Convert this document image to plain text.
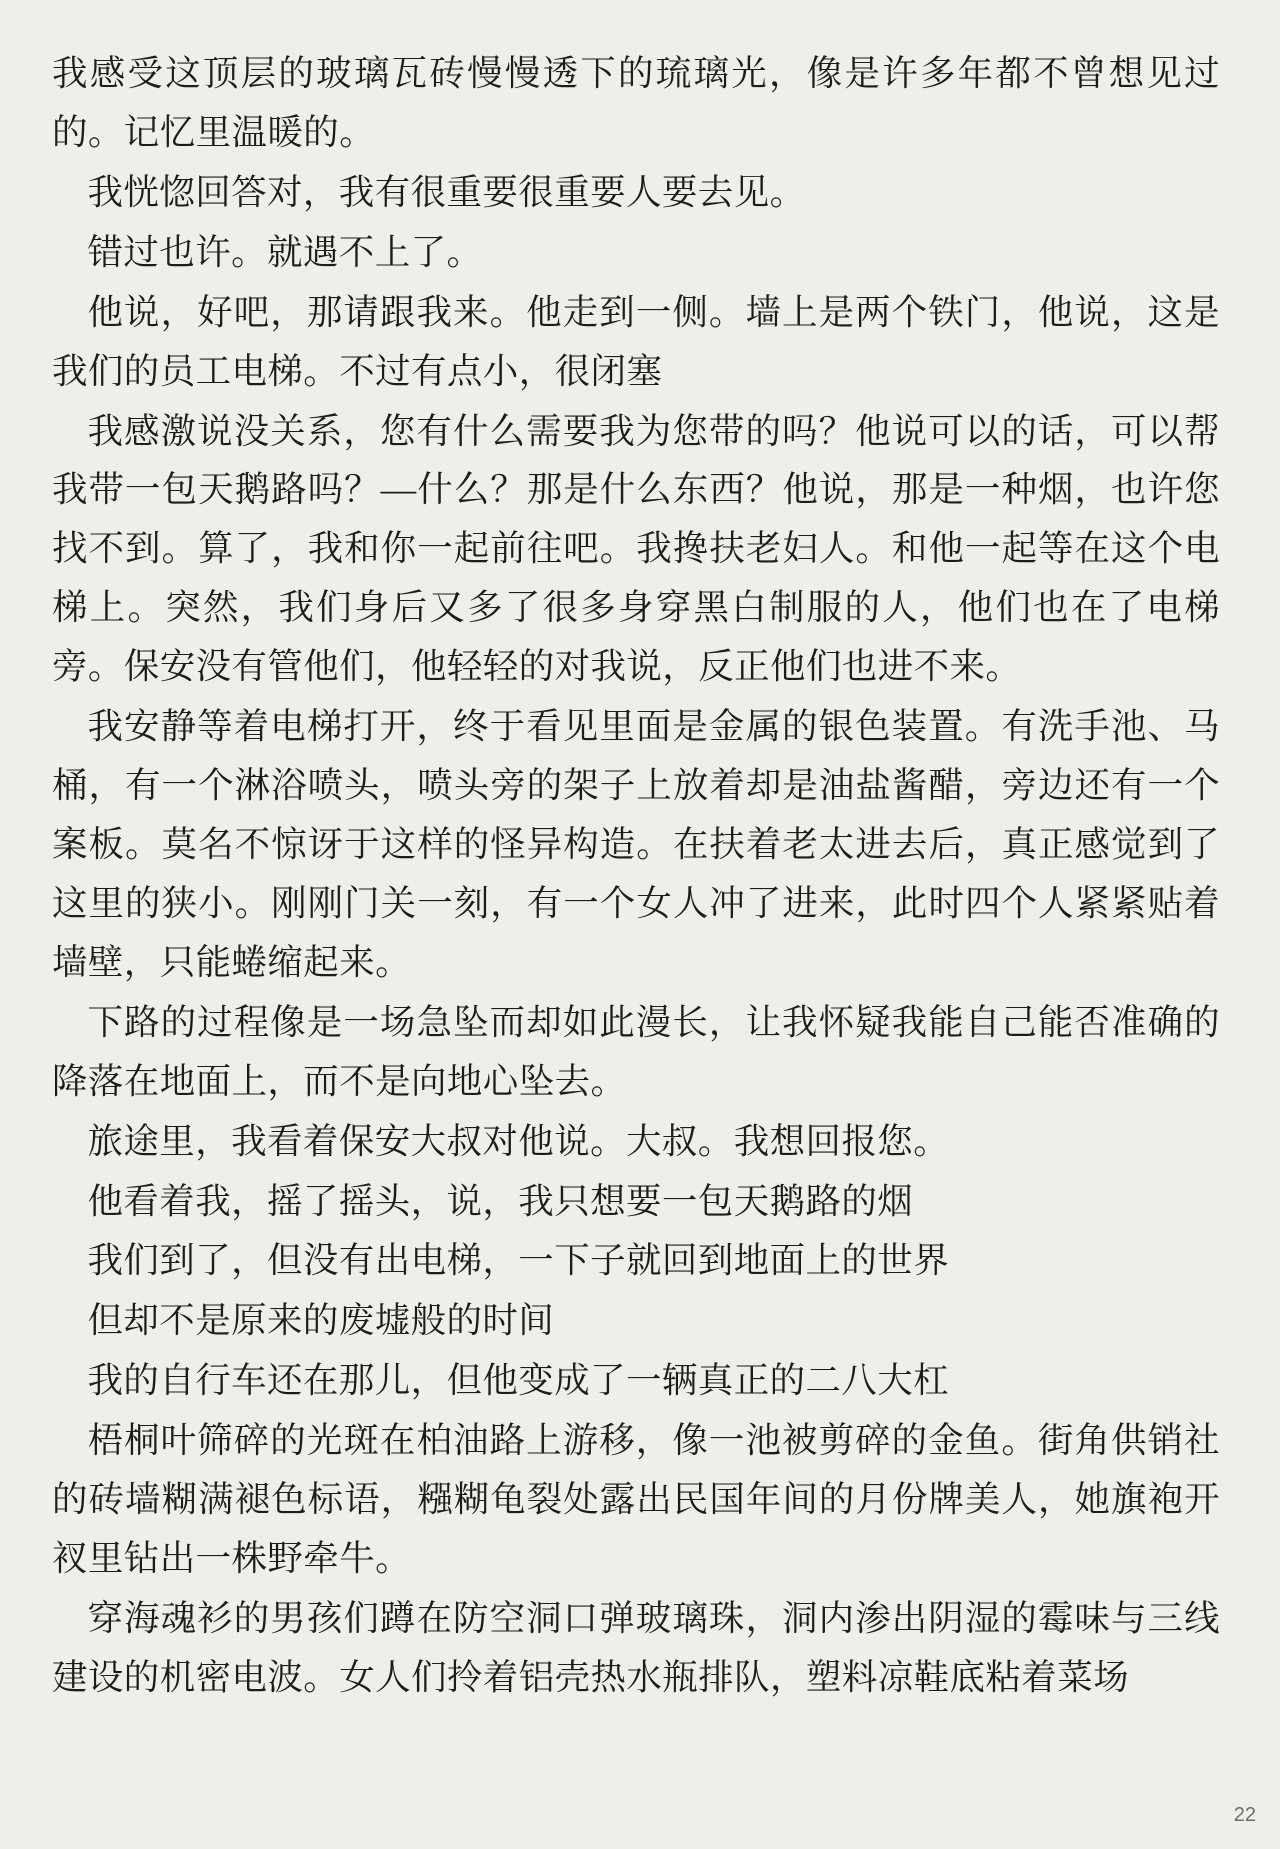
我感受这顶层的玻璃瓦砖慢慢透下的琉璃光，像是许多年都不曾想见过的。记忆里温暖的。

我恍惚回答对，我有很重要很重要人要去见。

错过也许。就遇不上了。

他说，好吧，那请跟我来。他走到一侧。墙上是两个铁门，他说，这是我们的员工电梯。不过有点小，很闭塞

我感激说没关系，您有什么需要我为您带的吗？他说可以的话，可以帮我带一包天鹅路吗？—什么？那是什么东西？他说，那是一种烟，也许您找不到。算了，我和你一起前往吧。我搀扶老妇人。和他一起等在这个电梯上。突然，我们身后又多了很多身穿黑白制服的人，他们也在了电梯旁。保安没有管他们，他轻轻的对我说，反正他们也进不来。

我安静等着电梯打开，终于看见里面是金属的银色装置。有洗手池、马桶，有一个淋浴喷头，喷头旁的架子上放着却是油盐酱醋，旁边还有一个案板。莫名不惊讶于这样的怪异构造。在扶着老太进去后，真正感觉到了这里的狭小。刚刚门关一刻，有一个女人冲了进来，此时四个人紧紧贴着墙壁，只能蜷缩起来。

下路的过程像是一场急坠而却如此漫长，让我怀疑我能自己能否准确的降落在地面上，而不是向地心坠去。

旅途里，我看着保安大叔对他说。大叔。我想回报您。

他看着我，摇了摇头，说，我只想要一包天鹅路的烟

我们到了，但没有出电梯，一下子就回到地面上的世界

但却不是原来的废墟般的时间

我的自行车还在那儿，但他变成了一辆真正的二八大杠

梧桐叶筛碎的光斑在柏油路上游移，像一池被剪碎的金鱼。街角供销社的砖墙糊满褪色标语，糨糊龟裂处露出民国年间的月份牌美人，她旗袍开衩里钻出一株野牵牛。

穿海魂衫的男孩们蹲在防空洞口弹玻璃珠，洞内渗出阴湿的霉味与三线建设的机密电波。女人们拎着铝壳热水瓶排队，塑料凉鞋底粘着菜场

22
